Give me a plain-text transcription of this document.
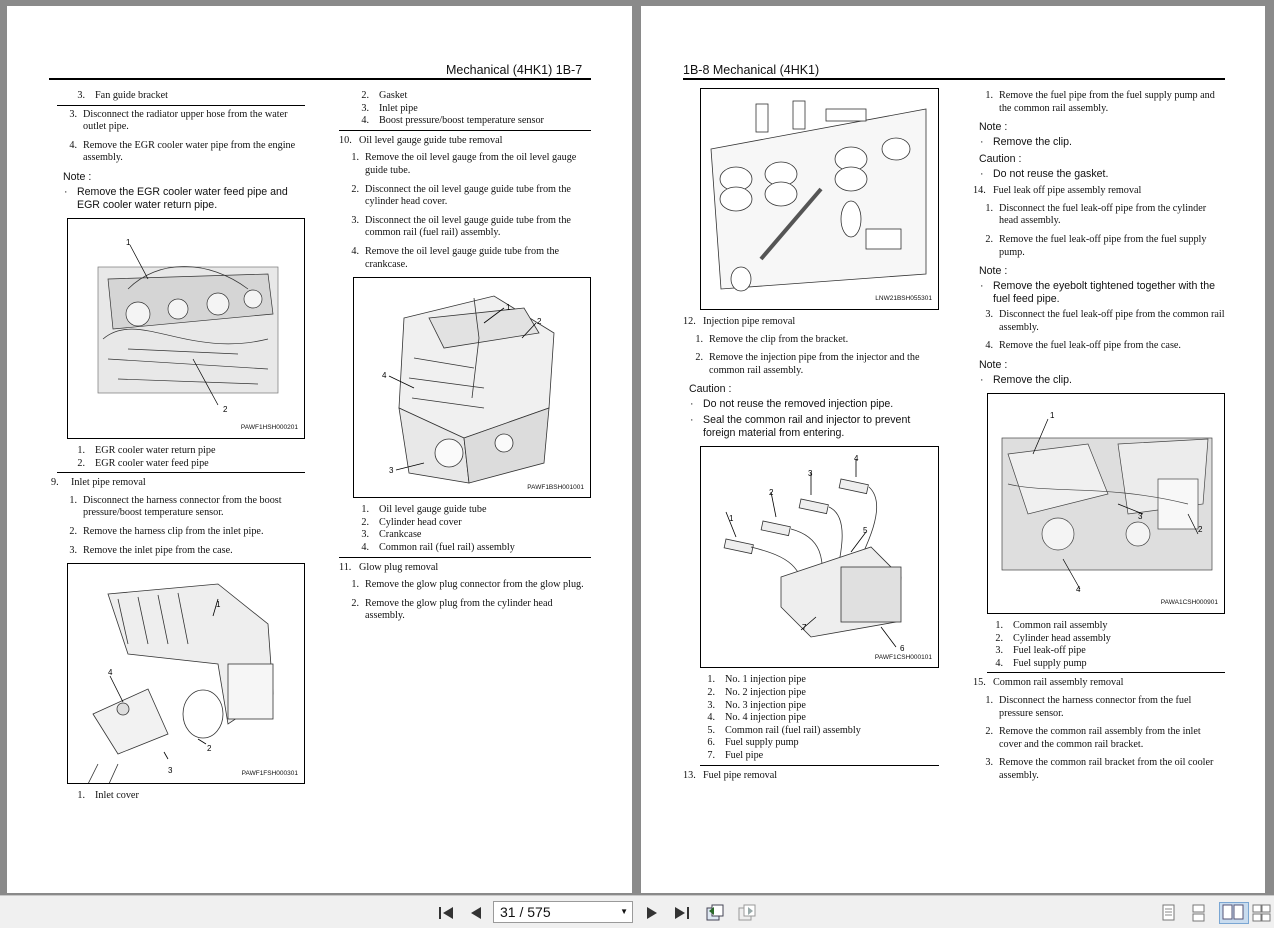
Mechanical (4HK1) 1B-7
3. Fan guide bracket
3. Disconnect the radiator upper hose from the water outlet pipe.
4. Remove the EGR cooler water pipe from the engine assembly.
Note :
· Remove the EGR cooler water feed pipe and EGR cooler water return pipe.
1
2
PAWF1HSH000201
1. EGR cooler water return pipe
2. EGR cooler water feed pipe
9. Inlet pipe removal
1. Disconnect the harness connector from the boost pressure/boost temperature sensor.
2. Remove the harness clip from the inlet pipe.
3. Remove the inlet pipe from the case.
1
2
3
4
PAWF1FSH000301
1. Inlet cover
2. Gasket
3. Inlet pipe
4. Boost pressure/boost temperature sensor
10. Oil level gauge guide tube removal
1. Remove the oil level gauge from the oil level gauge guide tube.
2. Disconnect the oil level gauge guide tube from the cylinder head cover.
3. Disconnect the oil level gauge guide tube from the common rail (fuel rail) assembly.
4. Remove the oil level gauge guide tube from the crankcase.
1
2
3
4
PAWF1BSH001001
1. Oil level gauge guide tube
2. Cylinder head cover
3. Crankcase
4. Common rail (fuel rail) assembly
11. Glow plug removal
1. Remove the glow plug connector from the glow plug.
2. Remove the glow plug from the cylinder head assembly.
1B-8 Mechanical (4HK1)
LNW21BSH055301
12. Injection pipe removal
1. Remove the clip from the bracket.
2. Remove the injection pipe from the injector and the common rail assembly.
Caution :
· Do not reuse the removed injection pipe.
· Seal the common rail and injector to prevent foreign material from entering.
1
2
3
4
5
6
7
PAWF1CSH000101
1. No. 1 injection pipe
2. No. 2 injection pipe
3. No. 3 injection pipe
4. No. 4 injection pipe
5. Common rail (fuel rail) assembly
6. Fuel supply pump
7. Fuel pipe
13. Fuel pipe removal
1. Remove the fuel pipe from the fuel supply pump and the common rail assembly.
Note :
· Remove the clip.
Caution :
· Do not reuse the gasket.
14. Fuel leak off pipe assembly removal
1. Disconnect the fuel leak-off pipe from the cylinder head assembly.
2. Remove the fuel leak-off pipe from the fuel supply pump.
Note :
· Remove the eyebolt tightened together with the fuel feed pipe.
3. Disconnect the fuel leak-off pipe from the common rail assembly.
4. Remove the fuel leak-off pipe from the case.
Note :
· Remove the clip.
1
2
3
4
PAWA1CSH000901
1. Common rail assembly
2. Cylinder head assembly
3. Fuel leak-off pipe
4. Fuel supply pump
15. Common rail assembly removal
1. Disconnect the harness connector from the fuel pressure sensor.
2. Remove the common rail assembly from the inlet cover and the common rail bracket.
3. Remove the common rail bracket from the oil cooler assembly.
31 / 575	▼
